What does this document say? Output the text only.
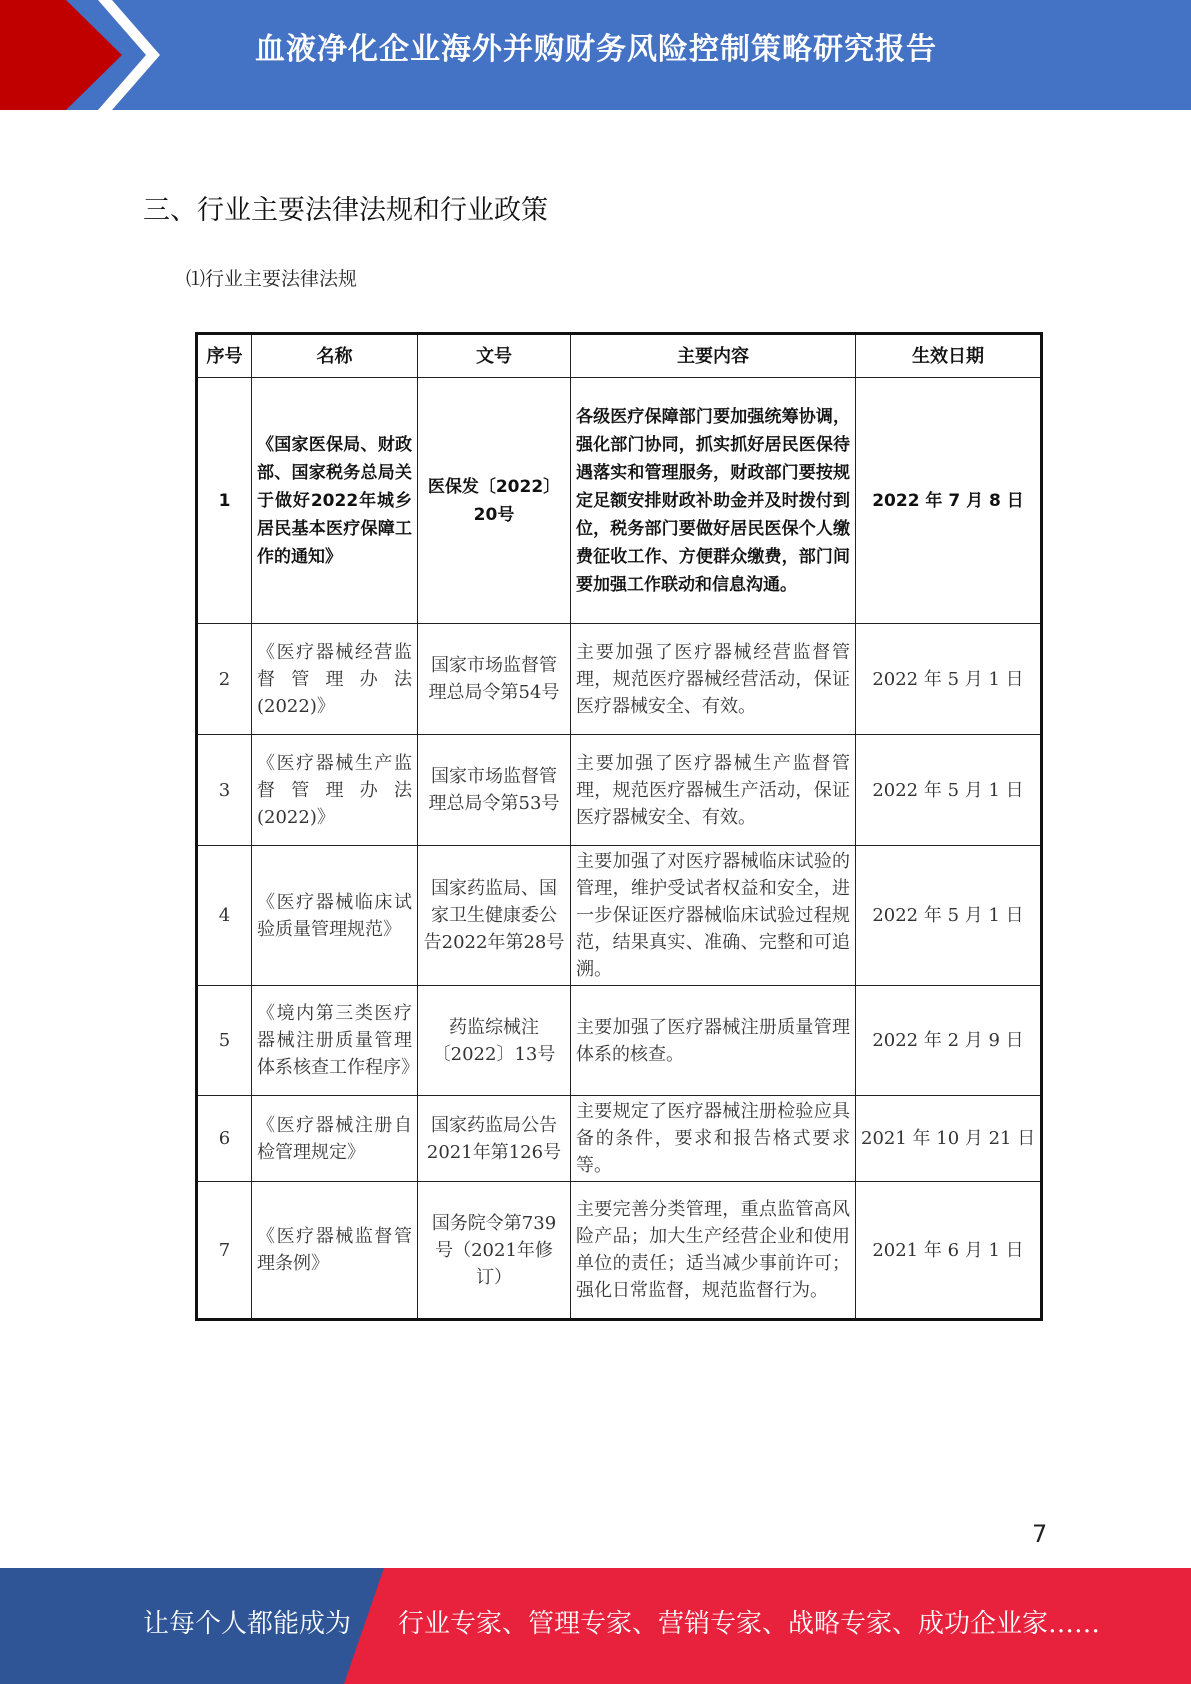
血液净化企业海外并购财务风险控制策略研究报告
三、行业主要法律法规和行业政策
⑴行业主要法律法规
序号	名称	文号	主要内容	生效日期
1	《国家医保局、财政部、国家税务总局关于做好2022年城乡居民基本医疗保障工作的通知》	医保发〔2022〕20号	各级医疗保障部门要加强统筹协调，强化部门协同，抓实抓好居民医保待遇落实和管理服务，财政部门要按规定足额安排财政补助金并及时拨付到位，税务部门要做好居民医保个人缴费征收工作、方便群众缴费，部门间要加强工作联动和信息沟通。	2022 年 7 月 8 日
2	《医疗器械经营监督管理办法(2022)》	国家市场监督管理总局令第54号	主要加强了医疗器械经营监督管理，规范医疗器械经营活动，保证医疗器械安全、有效。	2022 年 5 月 1 日
3	《医疗器械生产监督管理办法(2022)》	国家市场监督管理总局令第53号	主要加强了医疗器械生产监督管理，规范医疗器械生产活动，保证医疗器械安全、有效。	2022 年 5 月 1 日
4	《医疗器械临床试验质量管理规范》	国家药监局、国家卫生健康委公告2022年第28号	主要加强了对医疗器械临床试验的管理，维护受试者权益和安全，进一步保证医疗器械临床试验过程规范，结果真实、准确、完整和可追溯。	2022 年 5 月 1 日
5	《境内第三类医疗器械注册质量管理体系核查工作程序》	药监综械注〔2022〕13号	主要加强了医疗器械注册质量管理体系的核查。	2022 年 2 月 9 日
6	《医疗器械注册自检管理规定》	国家药监局公告2021年第126号	主要规定了医疗器械注册检验应具备的条件，要求和报告格式要求等。	2021 年 10 月 21 日
7	《医疗器械监督管理条例》	国务院令第739号（2021年修订）	主要完善分类管理，重点监管高风险产品；加大生产经营企业和使用单位的责任；适当减少事前许可；强化日常监督，规范监督行为。	2021 年 6 月 1 日
7
让每个人都能成为 行业专家、管理专家、营销专家、战略专家、成功企业家……
